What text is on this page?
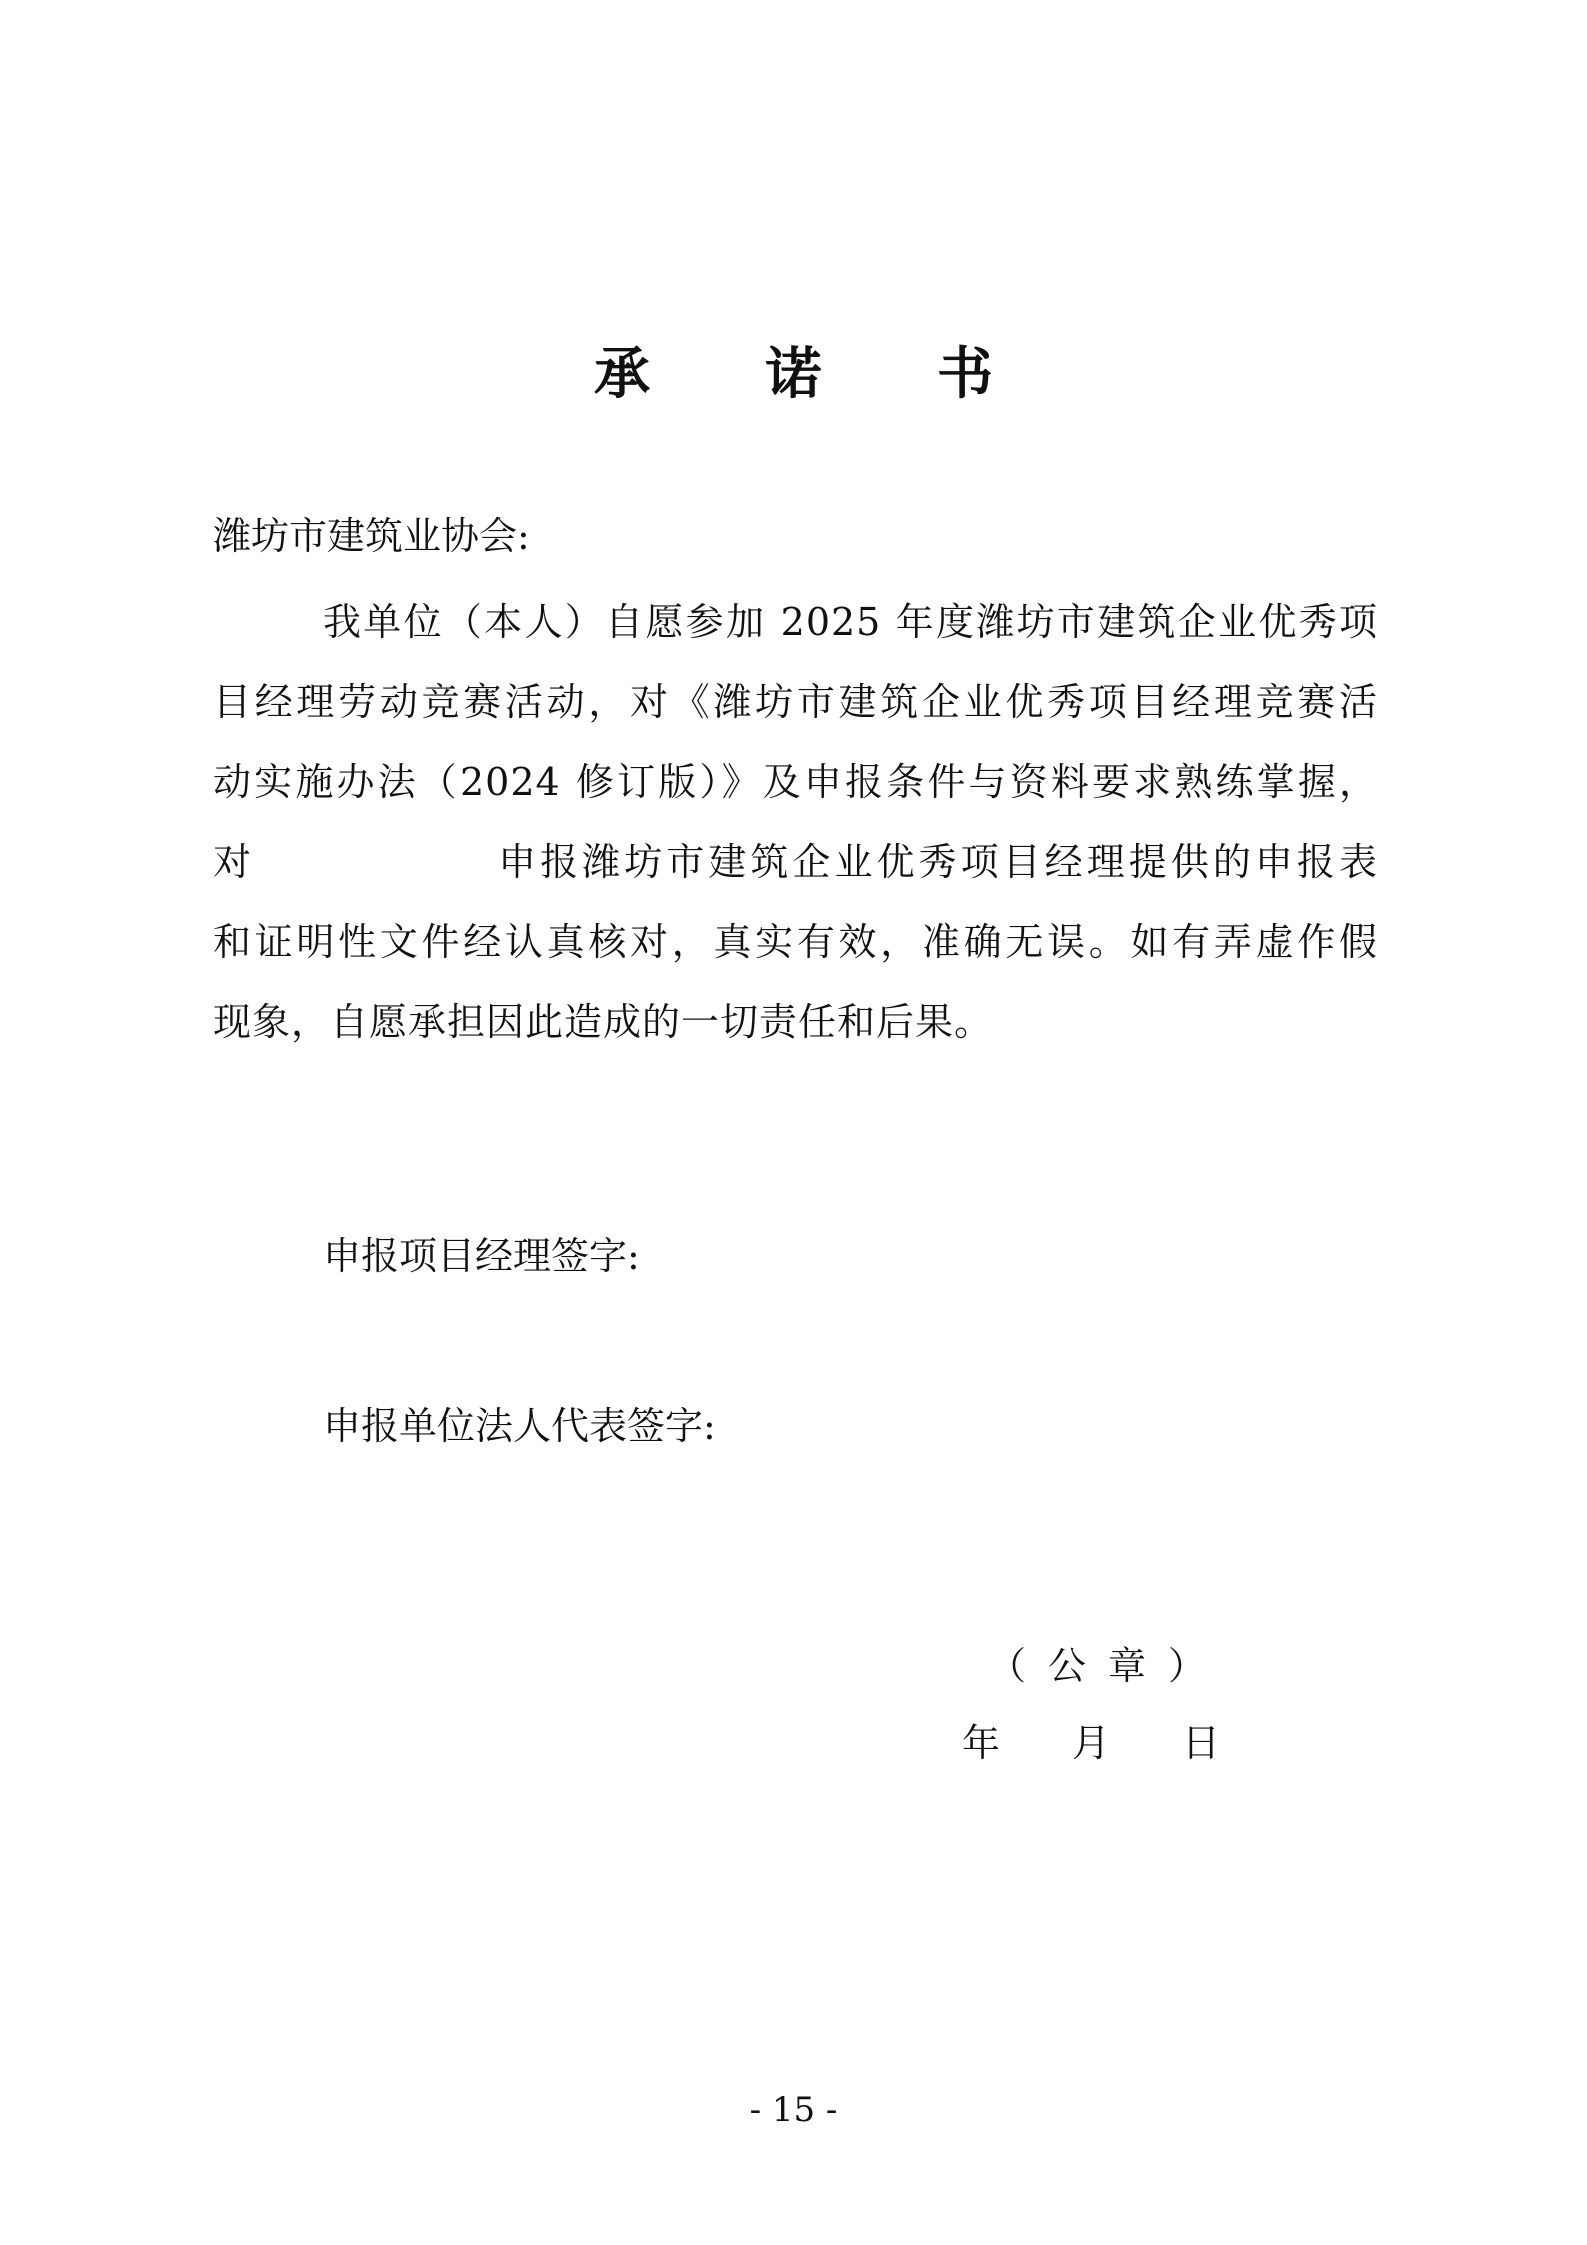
承 诺 书
潍坊市建筑业协会:
我单位（本人）自愿参加 2025 年度潍坊市建筑企业优秀项
目经理劳动竞赛活动，对《潍坊市建筑企业优秀项目经理竞赛活
动实施办法（2024 修订版）》及申报条件与资料要求熟练掌握，
对	申报潍坊市建筑企业优秀项目经理提供的申报表
和证明性文件经认真核对，真实有效，准确无误。如有弄虚作假
现象，自愿承担因此造成的一切责任和后果。
申报项目经理签字:
申报单位法人代表签字:
（公章）
年	月	日
- 15 -
